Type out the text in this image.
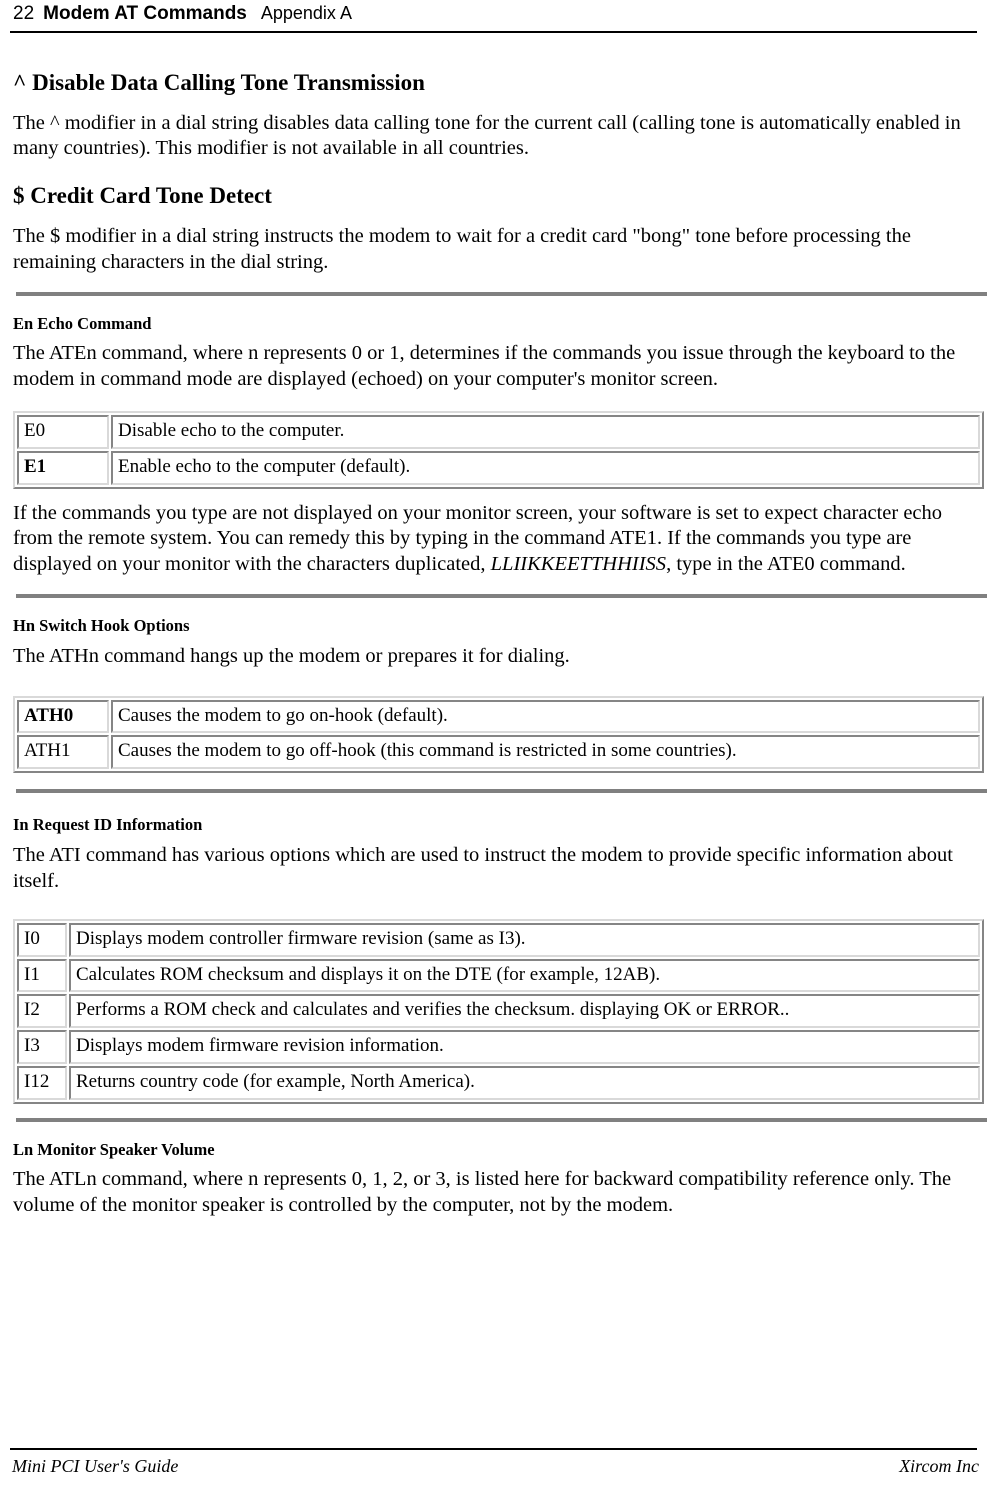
22 Modem AT Commands Appendix A
^ Disable Data Calling Tone Transmission

The ^ modifier in a dial string disables data calling tone for the current call (calling tone is automatically enabled in many countries). This modifier is not available in all countries.

$ Credit Card Tone Detect

The $ modifier in a dial string instructs the modem to wait for a credit card "bong" tone before processing the remaining characters in the dial string.

En Echo Command

The ATEn command, where n represents 0 or 1, determines if the commands you issue through the keyboard to the modem in command mode are displayed (echoed) on your computer's monitor screen.

E0	Disable echo to the computer.
E1	Enable echo to the computer (default).

If the commands you type are not displayed on your monitor screen, your software is set to expect character echo from the remote system. You can remedy this by typing in the command ATE1. If the commands you type are displayed on your monitor with the characters duplicated, LLIIKKEETTHHIISS, type in the ATE0 command.

Hn Switch Hook Options

The ATHn command hangs up the modem or prepares it for dialing.

ATH0	Causes the modem to go on-hook (default).
ATH1	Causes the modem to go off-hook (this command is restricted in some countries).
In Request ID Information

The ATI command has various options which are used to instruct the modem to provide specific information about itself.

I0	Displays modem controller firmware revision (same as I3).
I1	Calculates ROM checksum and displays it on the DTE (for example, 12AB).
I2	Performs a ROM check and calculates and verifies the checksum. displaying OK or ERROR..
I3	Displays modem firmware revision information.
I12	Returns country code (for example, North America).
Ln Monitor Speaker Volume

The ATLn command, where n represents 0, 1, 2, or 3, is listed here for backward compatibility reference only. The volume of the monitor speaker is controlled by the computer, not by the modem.

Mini PCI User's Guide	Xircom Inc
